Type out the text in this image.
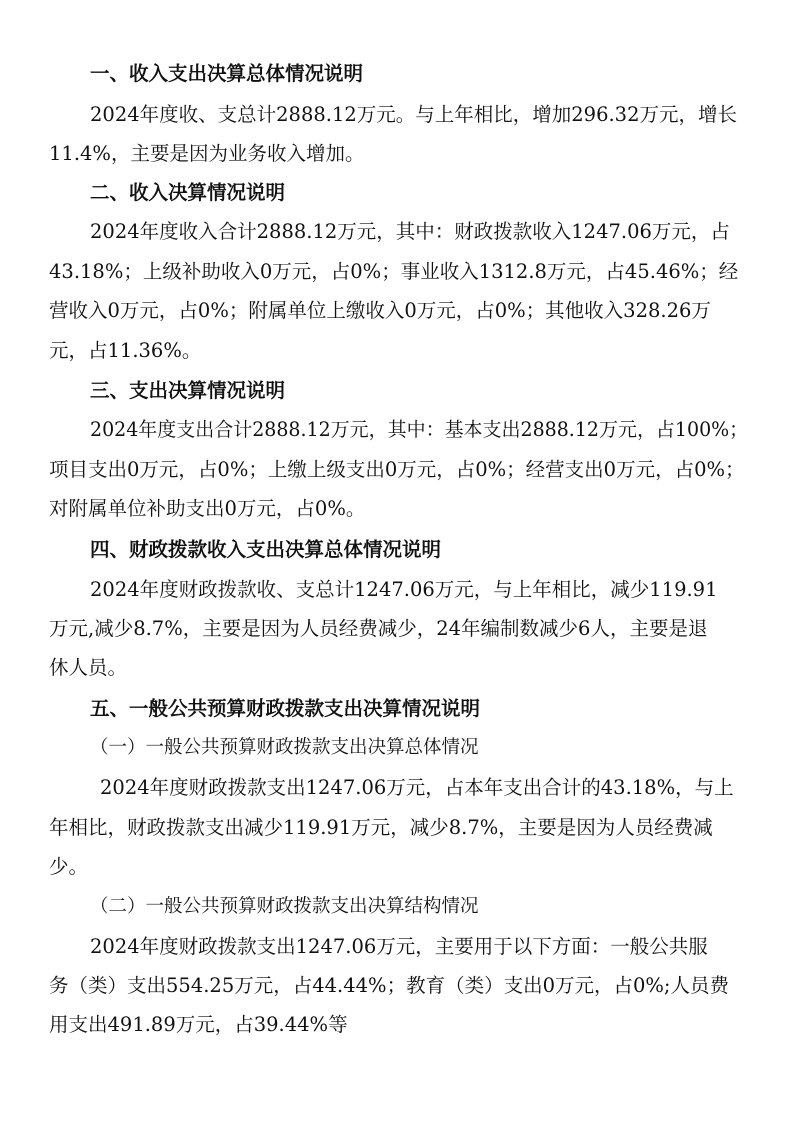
一、收入支出决算总体情况说明
2024年度收、支总计2888.12万元。与上年相比，增加296.32万元，增长
11.4%，主要是因为业务收入增加。
二、收入决算情况说明
2024年度收入合计2888.12万元，其中：财政拨款收入1247.06万元，占
43.18%；上级补助收入0万元，占0%；事业收入1312.8万元，占45.46%；经
营收入0万元，占0%；附属单位上缴收入0万元，占0%；其他收入328.26万
元，占11.36%。
三、支出决算情况说明
2024年度支出合计2888.12万元，其中：基本支出2888.12万元，占100%；
项目支出0万元，占0%；上缴上级支出0万元，占0%；经营支出0万元，占0%；
对附属单位补助支出0万元，占0%。
四、财政拨款收入支出决算总体情况说明
2024年度财政拨款收、支总计1247.06万元，与上年相比，减少119.91
万元,减少8.7%，主要是因为人员经费减少，24年编制数减少6人，主要是退
休人员。
五、一般公共预算财政拨款支出决算情况说明
（一）一般公共预算财政拨款支出决算总体情况
2024年度财政拨款支出1247.06万元，占本年支出合计的43.18%，与上
年相比，财政拨款支出减少119.91万元，减少8.7%，主要是因为人员经费减
少。
（二）一般公共预算财政拨款支出决算结构情况
2024年度财政拨款支出1247.06万元，主要用于以下方面：一般公共服
务（类）支出554.25万元，占44.44%；教育（类）支出0万元，占0%;人员费
用支出491.89万元，占39.44%等
